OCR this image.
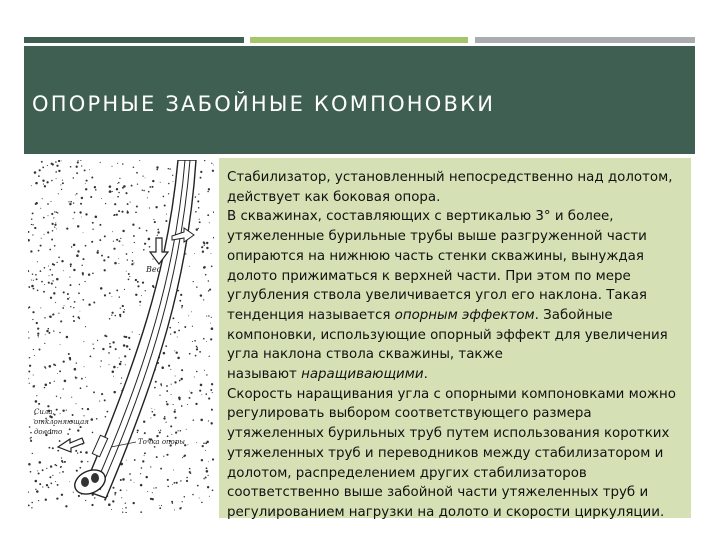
ОПОРНЫЕ ЗАБОЙНЫЕ КОМПОНОВКИ
Вес
Сила,
отклоняющая
долото
Точка опоры

Стабилизатор, установленный непосредственно над долотом, действует как боковая опора.

В скважинах, составляющих с вертикалью 3° и более, утяжеленные бурильные трубы выше разгруженной части опираются на нижнюю часть стенки скважины, вынуждая долото прижиматься к верхней части. При этом по мере углубления ствола увеличивается угол его наклона. Такая тенденция называется опорным эффектом. Забойные компоновки, использующие опорный эффект для увеличения угла наклона ствола скважины, также

называют наращивающими.

Скорость наращивания угла с опорными компоновками можно регулировать выбором соответствующего размера утяжеленных бурильных труб путем использования коротких утяжеленных труб и переводников между стабилизатором и долотом, распределением других стабилизаторов соответственно выше забойной части утяжеленных труб и регулированием нагрузки на долото и скорости циркуляции.
